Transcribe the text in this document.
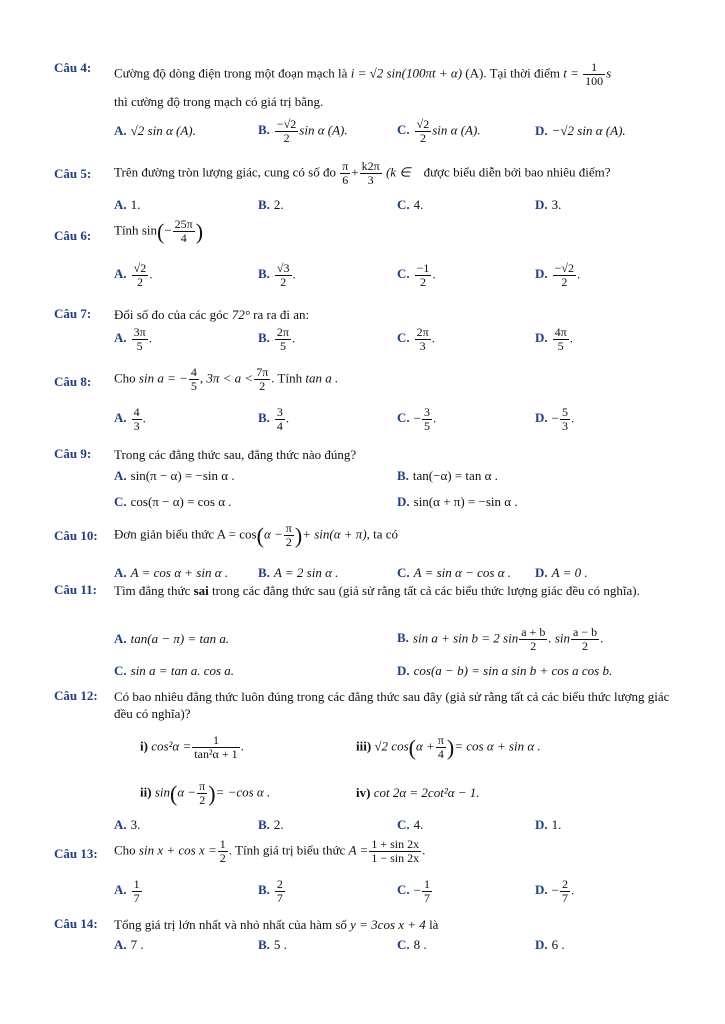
Câu 4:	Cường độ dòng điện trong một đoạn mạch là i = √2 sin(100πt + α) (A). Tại thời điểm $t = \frac{1}{100}$ s
thì cường độ trong mạch có giá trị bằng.
A. √2 sin α (A).	B. $\frac{-√2}{2}$ sin α (A).	C. $\frac{√2}{2}$ sin α (A).	D. −√2 sin α (A).
Câu 5:	Trên đường tròn lượng giác, cung có số đo $\frac{\pi}{6} + \frac{k2\pi}{3} (k$ ∈ được biểu diễn bởi bao nhiêu điểm?
A. 1.	B. 2.	C. 4.	D. 3.
Câu 6:	Tính $\sin(- \frac{25\pi}{4}$ )
A. $\frac{√2}{2}$ .	B. $\frac{√3}{2}$ .	C. $\frac{-1}{2}$ .	D. $\frac{-√2}{2}$ .
Câu 7:	Đổi số đo của các góc 72° ra ra đi an:
A. $\frac{3\pi}{5}$ .	B. $\frac{2\pi}{5}$ .	C. $\frac{2\pi}{3}$ .	D. $\frac{4\pi}{5}$ .
Câu 8:	Cho sin a = − $\frac{4}{5}$ , $3\pi < a < \frac{7\pi}{2}$ . Tính tan a .
A. $\frac{4}{3}$ .	B. $\frac{3}{4}$ .	C. − $\frac{3}{5}$ .	D. − $\frac{5}{3}$ .
Câu 9:	Trong các đẳng thức sau, đẳng thức nào đúng?
A. sin(π − α) = −sin α .	B. tan(−α) = tan α .
C. cos(π − α) = cos α .	D. sin(α + π) = −sin α .
Câu 10:	Đơn giản biểu thức $A = \cos(\alpha - \frac{\pi}{2}$ )+ sin(α + π), ta có
A. A = cos α + sin α . B. A = 2 sin α .	C. A = sin α − cos α . D. A = 0 .
Câu 11:	Tìm đẳng thức sai trong các đẳng thức sau (giả sử rằng tất cả các biểu thức lượng giác đều có nghĩa).
A. tan(a − π) = tan a.	B. sin a + sin b = 2 $\sin \frac{a + b}{2}$ . $\sin \frac{a - b}{2}$ .
C. sin a = tan a. cos a.	D. cos(a − b) = sin a sin b + cos a cos b.
Câu 12:	Có bao nhiêu đẳng thức luôn đúng trong các đẳng thức sau đây (giả sử rằng tất cả các biểu thức lượng giác đều có nghĩa)?
i) $\cos^2\alpha = \frac{1}{\text{tan²α + 1}}$ .	iii) √2 $\cos(\alpha + \frac{\pi}{4}$ )= cos α + sin α .
ii) $\sin(\alpha - \frac{\pi}{2}$ )= −cos α .	iv) cot 2α = 2cot²α − 1.
A. 3.	B. 2.	C. 4.	D. 1.
Câu 13:	Cho $\sin x + \cos x = \frac{1}{2}$ . Tính giá trị biểu thức $A = \frac{1 + \sin 2x}{1 - \sin 2x}$ .
A. $\frac{1}{7}$	B. $\frac{2}{7}$	C. − $\frac{1}{7}$	D. − $\frac{2}{7}$ .
Câu 14:	Tổng giá trị lớn nhất và nhỏ nhất của hàm số y = 3cos x + 4 là
A. 7 .	B. 5 .	C. 8 .	D. 6 .
